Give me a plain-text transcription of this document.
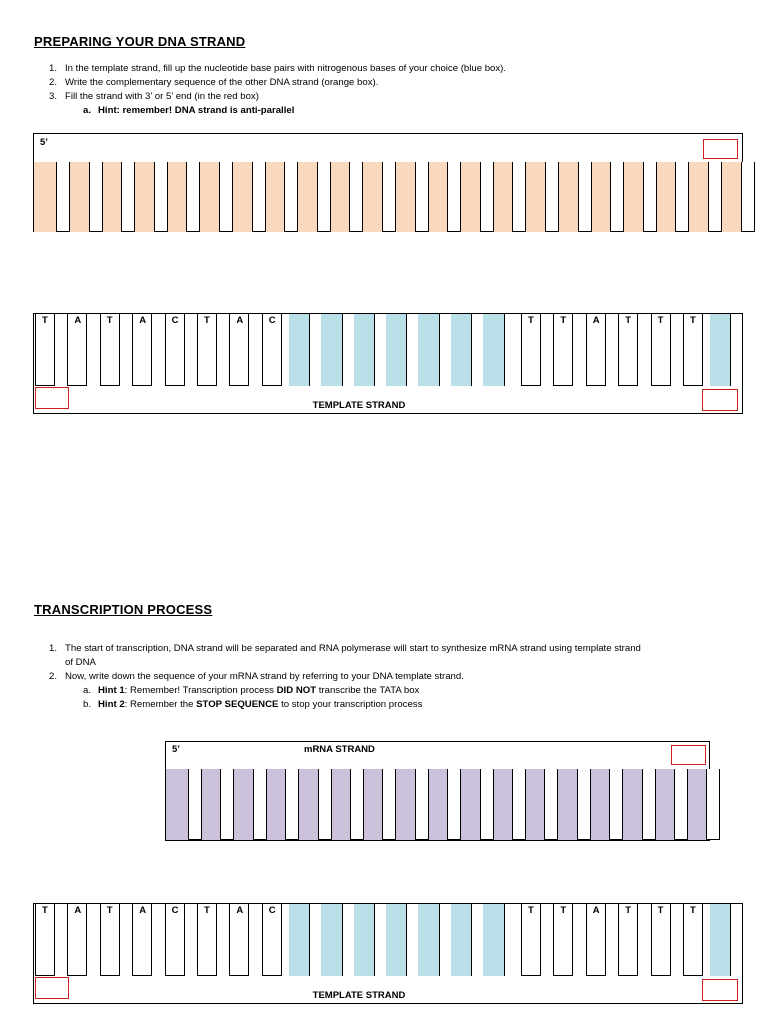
PREPARING YOUR DNA STRAND
1. In the template strand, fill up the nucleotide base pairs with nitrogenous bases of your choice (blue box).
2. Write the complementary sequence of the other DNA strand (orange box).
3. Fill the strand with 3’ or 5’ end (in the red box)
a. Hint: remember! DNA strand is anti-parallel
5’
TEMPLATE STRAND
T	A	T	A	C	T	A	C	T	T	A	T	T	T
TRANSCRIPTION PROCESS
1. The start of transcription, DNA strand will be separated and RNA polymerase will start to synthesize mRNA strand using template strand
of DNA
2. Now, write down the sequence of your mRNA strand by referring to your DNA template strand.
a. Hint 1: Remember! Transcription process DID NOT transcribe the TATA box
b. Hint 2: Remember the STOP SEQUENCE to stop your transcription process
5’	mRNA STRAND
TEMPLATE STRAND
T	A	T	A	C	T	A	C	T	T	A	T	T	T
